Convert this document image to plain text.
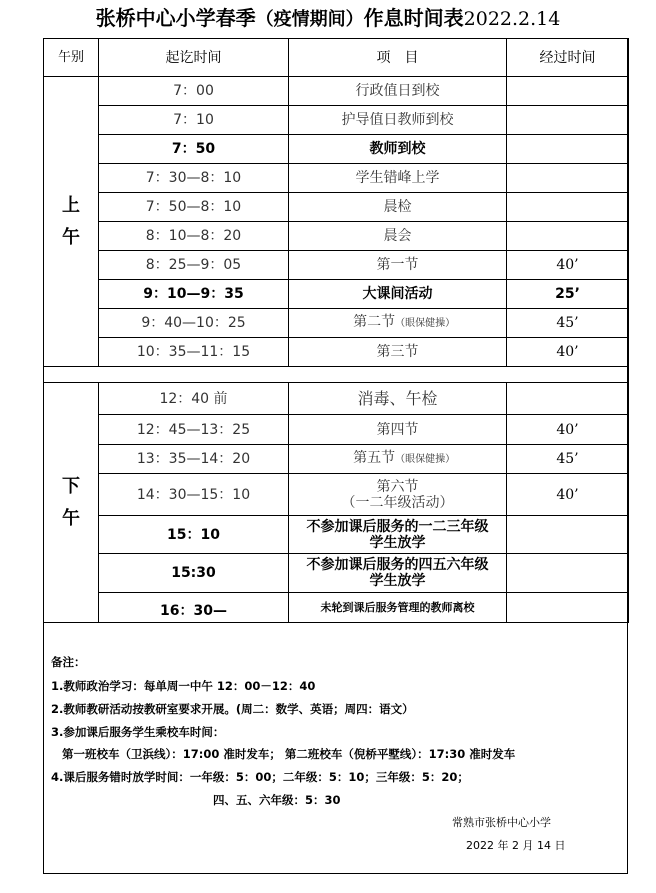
张桥中心小学春季（疫情期间）作息时间表2022.2.14
午别	起讫时间	项　目	经过时间

上
午	7：00	行政值日到校	
	7：10	护导值日教师到校	
	7：50	教师到校	
	7：30—8：10	学生错峰上学	
	7：50—8：10	晨检	
	8：10—8：20	晨会	
	8：25—9：05	第一节	40’
	9：10—9：35	大课间活动	25’
	9：40—10：25	第二节（眼保健操）	45’
	10：35—11：15	第三节	40’

下
午	12：40 前	消毒、午检	
	12：45—13：25	第四节	40’
	13：35—14：20	第五节（眼保健操）	45’
	14：30—15：10	第六节
（一二年级活动）	40’
	15：10	不参加课后服务的一二三年级
学生放学	

	15:30	不参加课后服务的四五六年级
学生放学	

	16：30—	未轮到课后服务管理的教师离校	
备注：
1.教师政治学习：每单周一中午 12：00－12：40
2.教师教研活动按教研室要求开展。(周二：数学、英语；周四：语文）
3.参加课后服务学生乘校车时间：
第一班校车（卫浜线）：17:00 准时发车； 第二班校车（倪桥平墅线）：17:30 准时发车
4.课后服务错时放学时间：一年级：5：00；二年级：5：10；三年级：5：20；
四、五、六年级：5：30
常熟市张桥中心小学
2022 年 2 月 14 日
